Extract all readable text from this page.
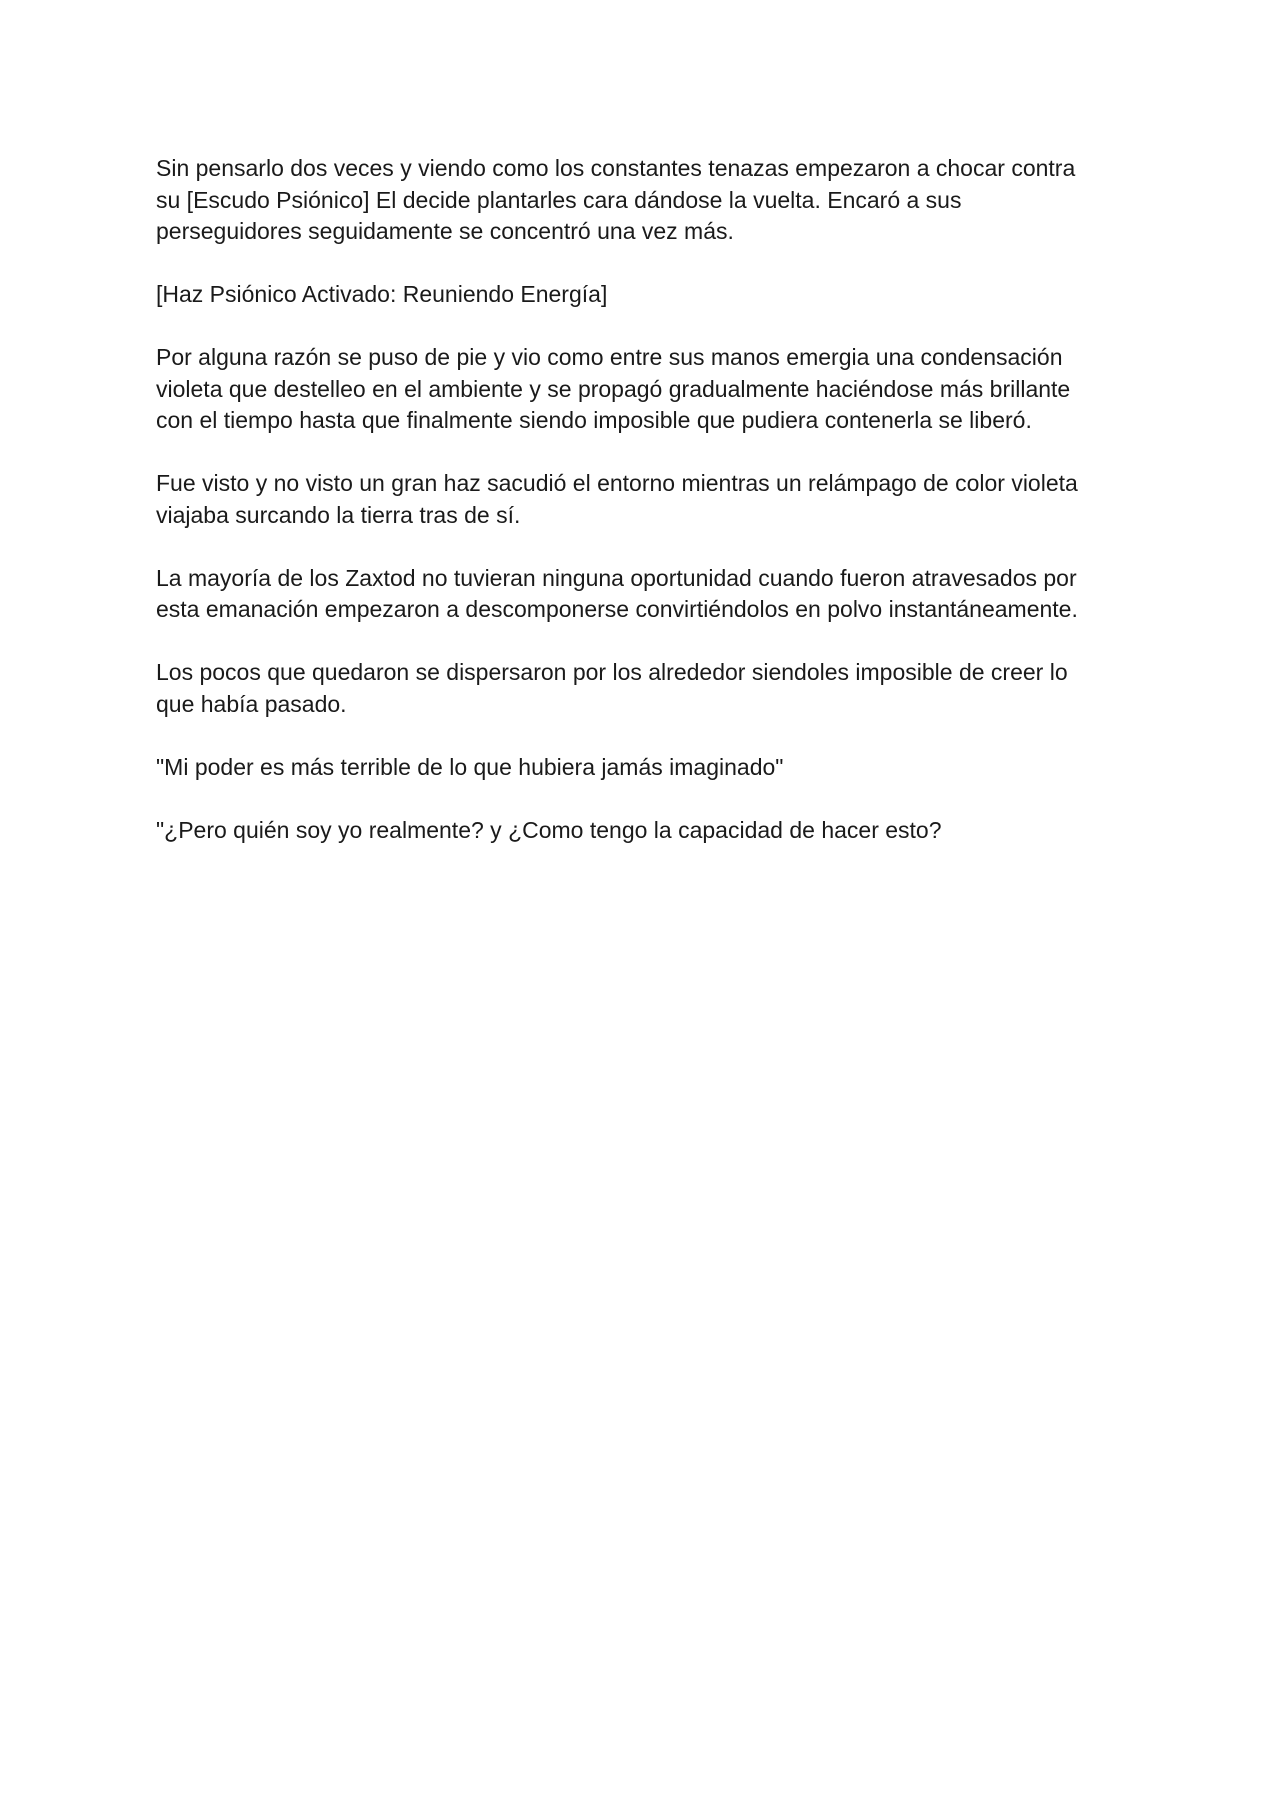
Sin pensarlo dos veces y viendo como los constantes tenazas empezaron a chocar contra
su [Escudo Psiónico] El decide plantarles cara dándose la vuelta. Encaró a sus
perseguidores seguidamente se concentró una vez más.

[Haz Psiónico Activado: Reuniendo Energía]

Por alguna razón se puso de pie y vio como entre sus manos emergia una condensación
violeta que destelleo en el ambiente y se propagó gradualmente haciéndose más brillante
con el tiempo hasta que finalmente siendo imposible que pudiera contenerla se liberó.

Fue visto y no visto un gran haz sacudió el entorno mientras un relámpago de color violeta
viajaba surcando la tierra tras de sí.

La mayoría de los Zaxtod no tuvieran ninguna oportunidad cuando fueron atravesados por
esta emanación empezaron a descomponerse convirtiéndolos en polvo instantáneamente.

Los pocos que quedaron se dispersaron por los alrededor siendoles imposible de creer lo
que había pasado.

"Mi poder es más terrible de lo que hubiera jamás imaginado"

"¿Pero quién soy yo realmente? y ¿Como tengo la capacidad de hacer esto?
